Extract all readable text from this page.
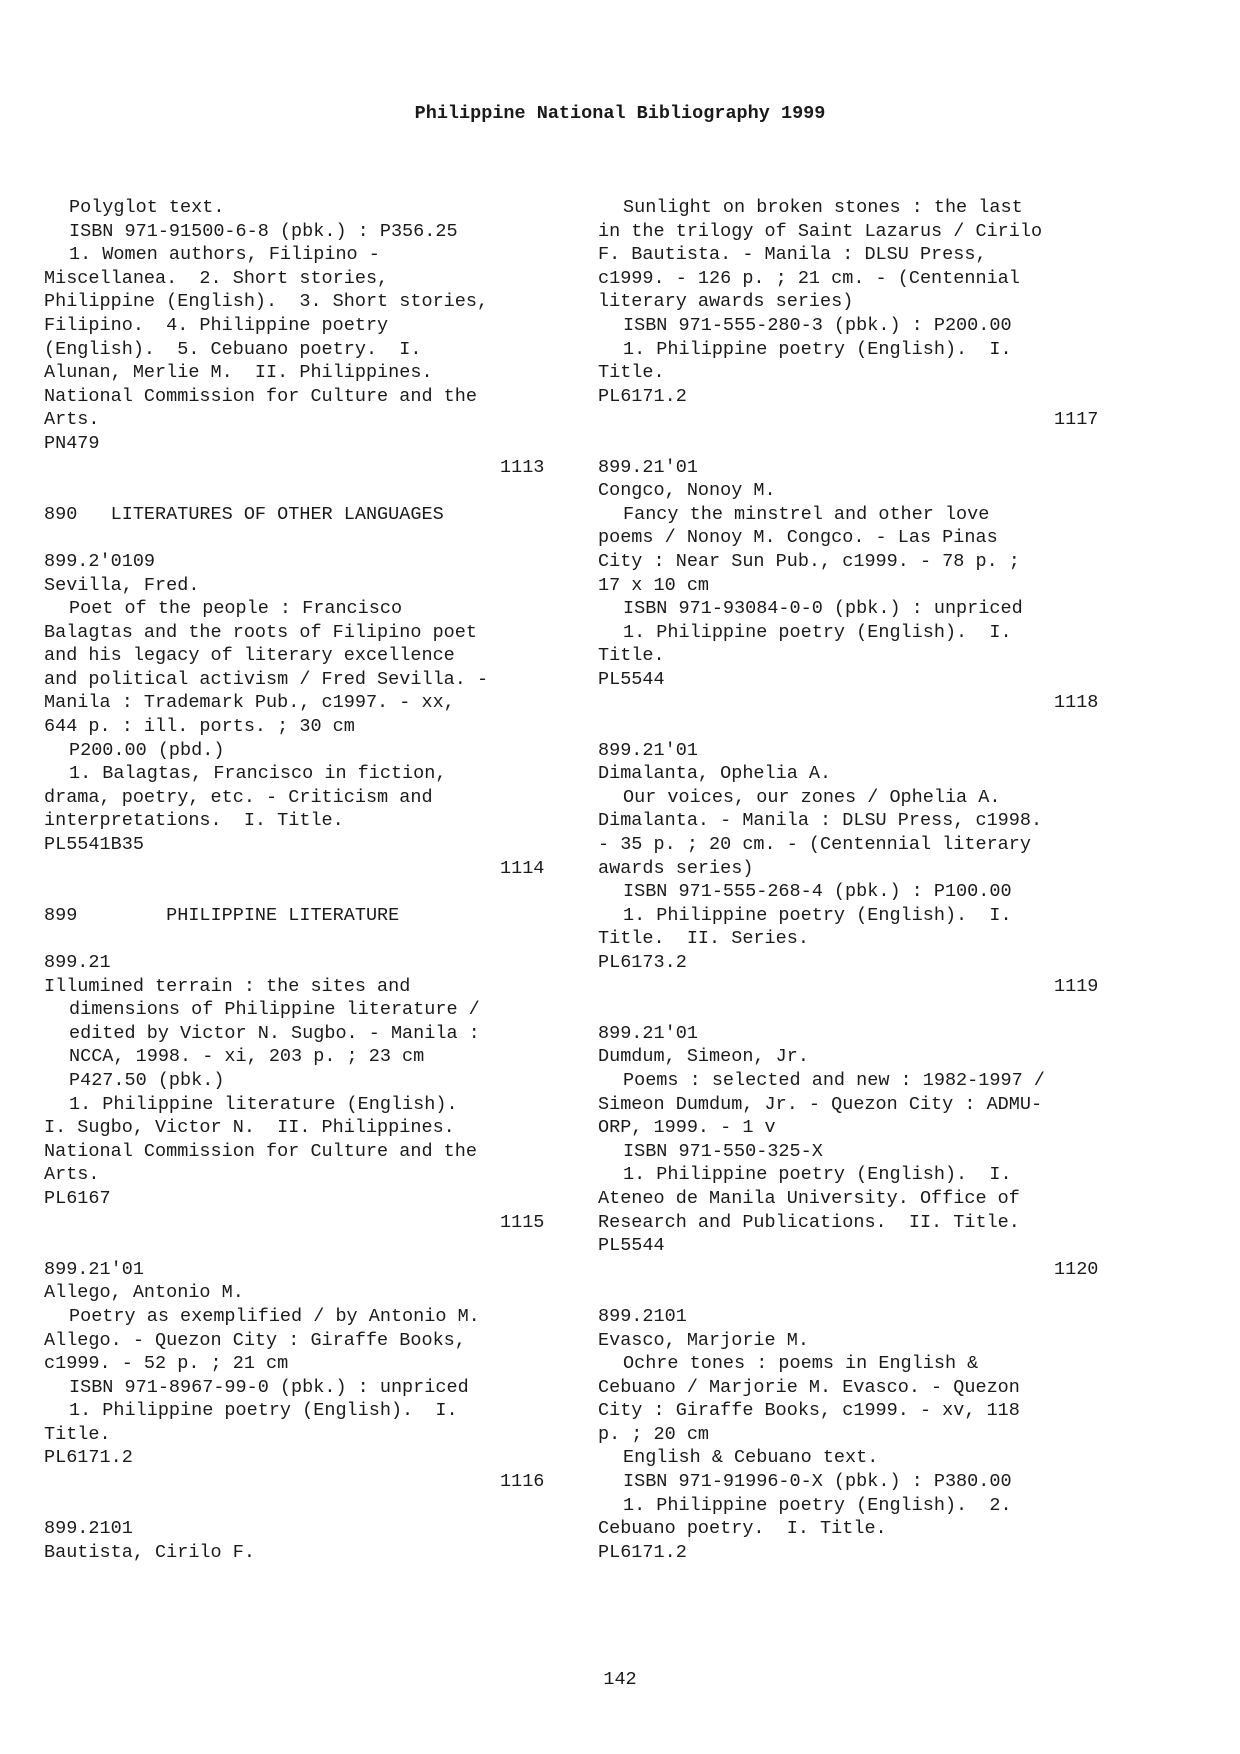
Philippine National Bibliography 1999
Polyglot text.
ISBN 971-91500-6-8 (pbk.) : P356.25
1. Women authors, Filipino -
Miscellanea.  2. Short stories,
Philippine (English).  3. Short stories,
Filipino.  4. Philippine poetry
(English).  5. Cebuano poetry.  I.
Alunan, Merlie M.  II. Philippines.
National Commission for Culture and the
Arts.
PN479
1113
890   LITERATURES OF OTHER LANGUAGES
899.2'0109
Sevilla, Fred.
Poet of the people : Francisco
Balagtas and the roots of Filipino poet
and his legacy of literary excellence
and political activism / Fred Sevilla. -
Manila : Trademark Pub., c1997. - xx,
644 p. : ill. ports. ; 30 cm
P200.00 (pbd.)
1. Balagtas, Francisco in fiction,
drama, poetry, etc. - Criticism and
interpretations.  I. Title.
PL5541B35
1114
899        PHILIPPINE LITERATURE
899.21
Illumined terrain : the sites and
dimensions of Philippine literature /
edited by Victor N. Sugbo. - Manila :
NCCA, 1998. - xi, 203 p. ; 23 cm
P427.50 (pbk.)
1. Philippine literature (English).
I. Sugbo, Victor N.  II. Philippines.
National Commission for Culture and the
Arts.
PL6167
1115
899.21'01
Allego, Antonio M.
Poetry as exemplified / by Antonio M.
Allego. - Quezon City : Giraffe Books,
c1999. - 52 p. ; 21 cm
ISBN 971-8967-99-0 (pbk.) : unpriced
1. Philippine poetry (English).  I.
Title.
PL6171.2
1116
899.2101
Bautista, Cirilo F.
Sunlight on broken stones : the last
in the trilogy of Saint Lazarus / Cirilo
F. Bautista. - Manila : DLSU Press,
c1999. - 126 p. ; 21 cm. - (Centennial
literary awards series)
ISBN 971-555-280-3 (pbk.) : P200.00
1. Philippine poetry (English).  I.
Title.
PL6171.2
1117
899.21'01
Congco, Nonoy M.
Fancy the minstrel and other love
poems / Nonoy M. Congco. - Las Pinas
City : Near Sun Pub., c1999. - 78 p. ;
17 x 10 cm
ISBN 971-93084-0-0 (pbk.) : unpriced
1. Philippine poetry (English).  I.
Title.
PL5544
1118
899.21'01
Dimalanta, Ophelia A.
Our voices, our zones / Ophelia A.
Dimalanta. - Manila : DLSU Press, c1998.
- 35 p. ; 20 cm. - (Centennial literary
awards series)
ISBN 971-555-268-4 (pbk.) : P100.00
1. Philippine poetry (English).  I.
Title.  II. Series.
PL6173.2
1119
899.21'01
Dumdum, Simeon, Jr.
Poems : selected and new : 1982-1997 /
Simeon Dumdum, Jr. - Quezon City : ADMU-
ORP, 1999. - 1 v
ISBN 971-550-325-X
1. Philippine poetry (English).  I.
Ateneo de Manila University. Office of
Research and Publications.  II. Title.
PL5544
1120
899.2101
Evasco, Marjorie M.
Ochre tones : poems in English &
Cebuano / Marjorie M. Evasco. - Quezon
City : Giraffe Books, c1999. - xv, 118
p. ; 20 cm
English & Cebuano text.
ISBN 971-91996-0-X (pbk.) : P380.00
1. Philippine poetry (English).  2.
Cebuano poetry.  I. Title.
PL6171.2
142
